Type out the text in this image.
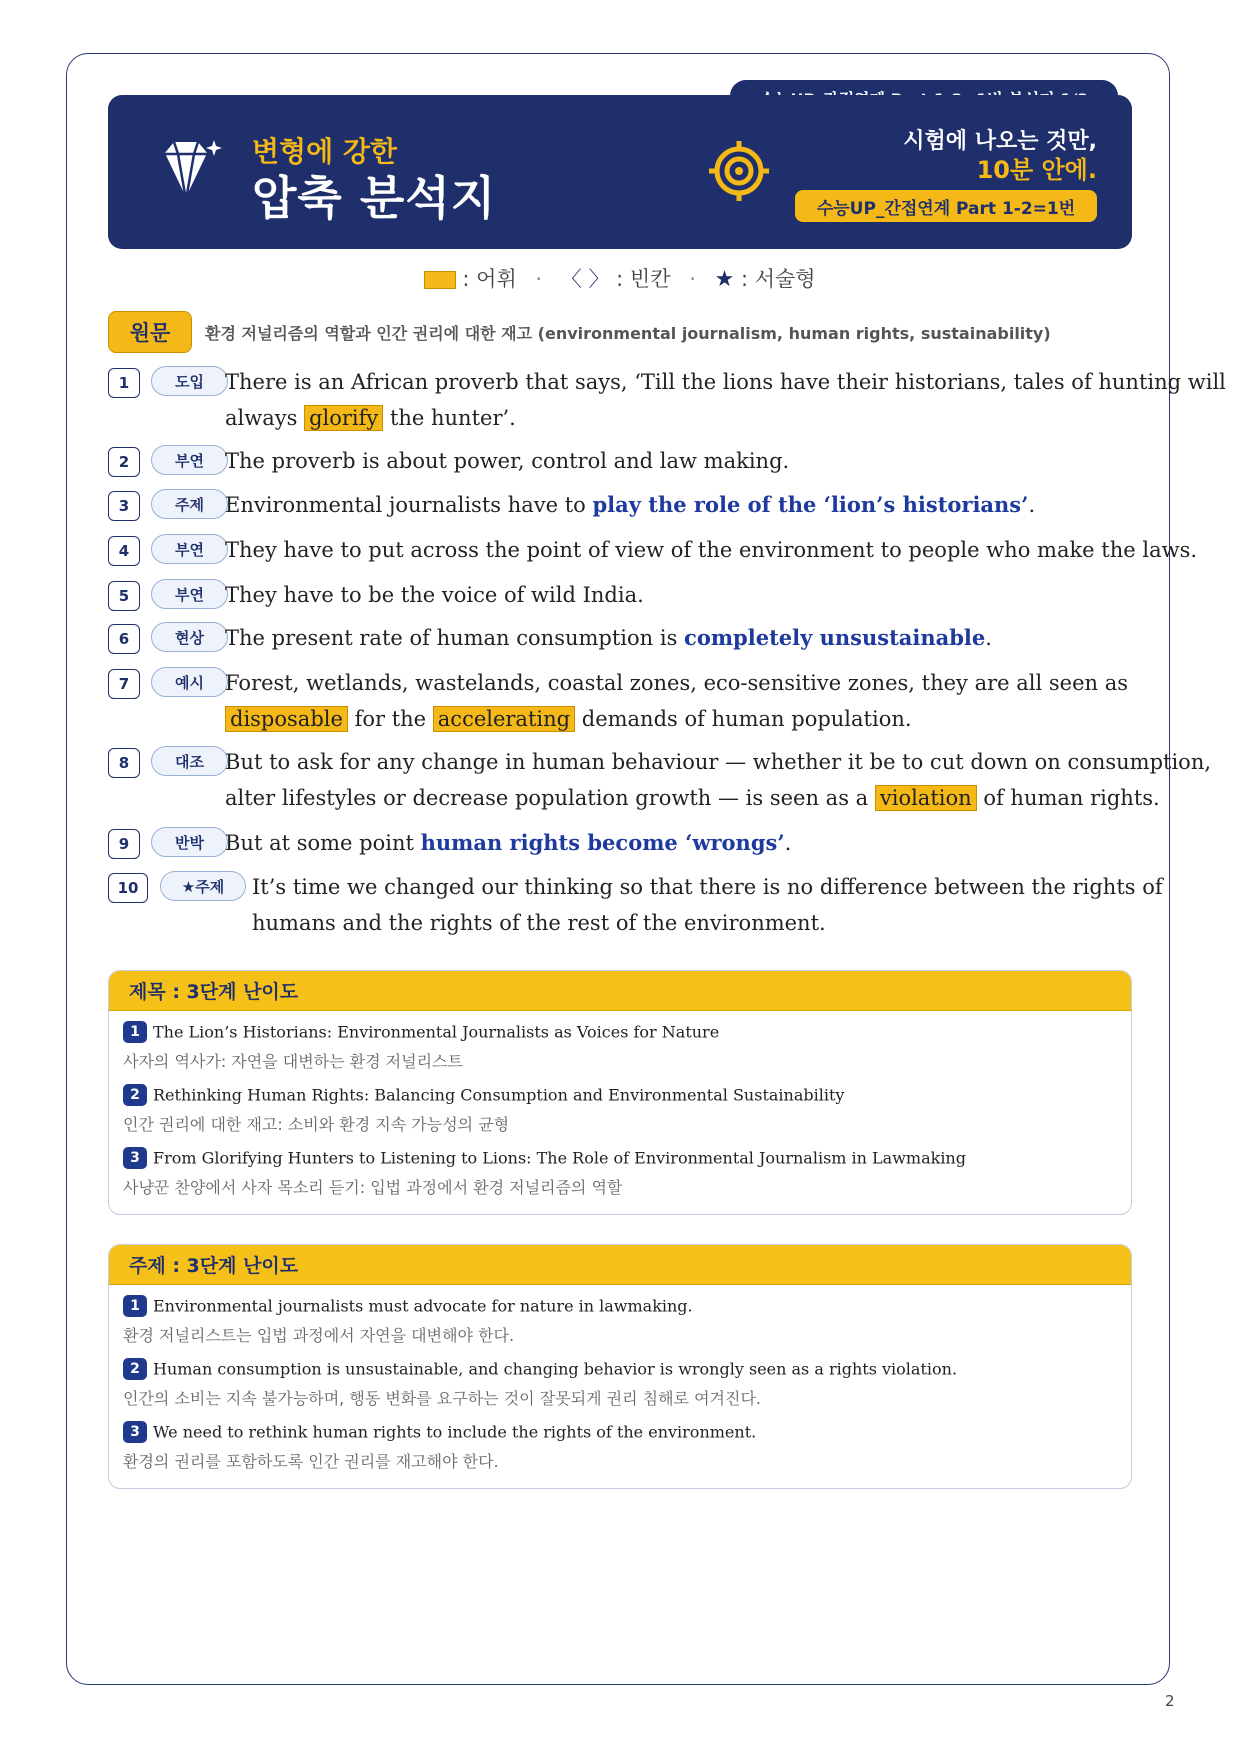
변형에 강한
압축 분석지
시험에 나오는 것만,
10분 안에.
수능UP_간접연계 Part 1-2=1번
: 어휘 · 〈 〉 : 빈칸 · ★ : 서술형
원문	환경 저널리즘의 역할과 인간 권리에 대한 재고 (environmental journalism, human rights, sustainability)
1	도입	There is an African proverb that says, ‘Till the lions have their historians, tales of hunting will always glorify the hunter’.
2	부연	The proverb is about power, control and law making.
3	주제	Environmental journalists have to play the role of the ‘lion’s historians’.
4	부연	They have to put across the point of view of the environment to people who make the laws.
5	부연	They have to be the voice of wild India.
6	현상	The present rate of human consumption is completely unsustainable.
7	예시	Forest, wetlands, wastelands, coastal zones, eco-sensitive zones, they are all seen as disposable for the accelerating demands of human population.
8	대조	But to ask for any change in human behaviour — whether it be to cut down on consumption, alter lifestyles or decrease population growth — is seen as a violation of human rights.
9	반박	But at some point human rights become ‘wrongs’.
10	★주제	It’s time we changed our thinking so that there is no difference between the rights of humans and the rights of the rest of the environment.
제목 : 3단계 난이도
1 The Lion’s Historians: Environmental Journalists as Voices for Nature
사자의 역사가: 자연을 대변하는 환경 저널리스트
2 Rethinking Human Rights: Balancing Consumption and Environmental Sustainability
인간 권리에 대한 재고: 소비와 환경 지속 가능성의 균형
3 From Glorifying Hunters to Listening to Lions: The Role of Environmental Journalism in Lawmaking
사냥꾼 찬양에서 사자 목소리 듣기: 입법 과정에서 환경 저널리즘의 역할
주제 : 3단계 난이도
1 Environmental journalists must advocate for nature in lawmaking.
환경 저널리스트는 입법 과정에서 자연을 대변해야 한다.
2 Human consumption is unsustainable, and changing behavior is wrongly seen as a rights violation.
인간의 소비는 지속 불가능하며, 행동 변화를 요구하는 것이 잘못되게 권리 침해로 여겨진다.
3 We need to rethink human rights to include the rights of the environment.
환경의 권리를 포함하도록 인간 권리를 재고해야 한다.
2
